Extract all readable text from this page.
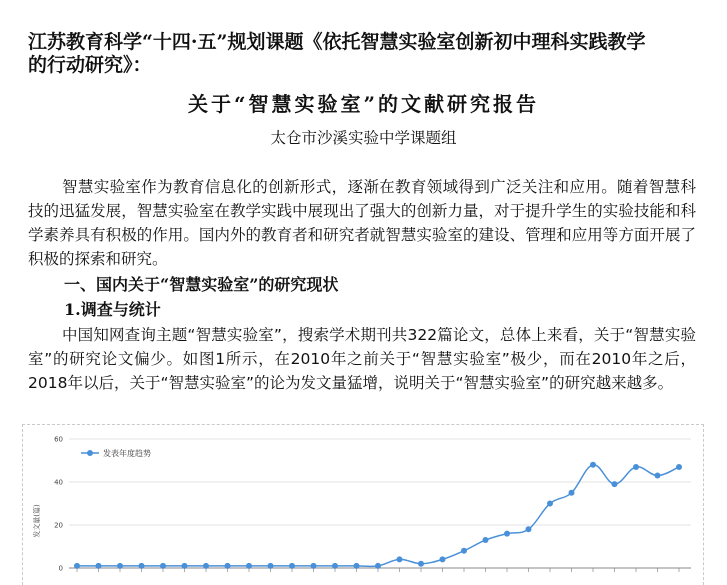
江苏教育科学“十四·五”规划课题《依托智慧实验室创新初中理科实践教学
的行动研究》：
关于“智慧实验室”的文献研究报告
太仓市沙溪实验中学课题组
智慧实验室作为教育信息化的创新形式，逐渐在教育领域得到广泛关注和应用。随着智慧科技的迅猛发展，智慧实验室在教学实践中展现出了强大的创新力量，对于提升学生的实验技能和科学素养具有积极的作用。国内外的教育者和研究者就智慧实验室的建设、管理和应用等方面开展了积极的探索和研究。
一、国内关于“智慧实验室”的研究现状
1.调查与统计
中国知网查询主题“智慧实验室”，搜索学术期刊共322篇论文，总体上来看，关于“智慧实验室”的研究论文偏少。如图1所示，在2010年之前关于“智慧实验室”极少，而在2010年之后，2018年以后，关于“智慧实验室”的论为发文量猛增，说明关于“智慧实验室”的研究越来越多。
0
20
40
60
发表年度趋势
发文量(篇)
